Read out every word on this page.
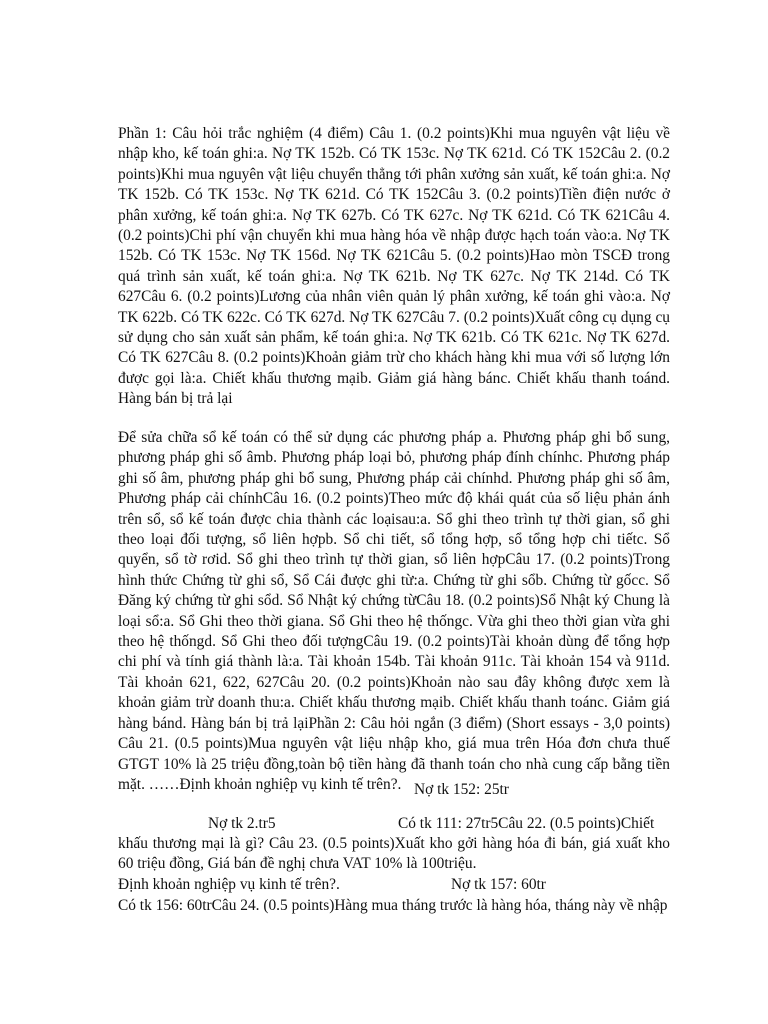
Phần 1: Câu hỏi trắc nghiệm (4 điểm) Câu 1. (0.2 points)Khi mua nguyên vật liệu về nhập kho, kế toán ghi:a. Nợ TK 152b. Có TK 153c. Nợ TK 621d. Có TK 152Câu 2. (0.2 points)Khi mua nguyên vật liệu chuyển thẳng tới phân xưởng sản xuất, kế toán ghi:a. Nợ TK 152b. Có TK 153c. Nợ TK 621d. Có TK 152Câu 3. (0.2 points)Tiền điện nước ở phân xưởng, kế toán ghi:a. Nợ TK 627b. Có TK 627c. Nợ TK 621d. Có TK 621Câu 4. (0.2 points)Chi phí vận chuyển khi mua hàng hóa về nhập được hạch toán vào:a. Nợ TK 152b. Có TK 153c. Nợ TK 156d. Nợ TK 621Câu 5. (0.2 points)Hao mòn TSCĐ trong quá trình sản xuất, kế toán ghi:a. Nợ TK 621b. Nợ TK 627c. Nợ TK 214d. Có TK 627Câu 6. (0.2 points)Lương của nhân viên quản lý phân xưởng, kế toán ghi vào:a. Nợ TK 622b. Có TK 622c. Có TK 627d. Nợ TK 627Câu 7. (0.2 points)Xuất công cụ dụng cụ sử dụng cho sản xuất sản phẩm, kế toán ghi:a. Nợ TK 621b. Có TK 621c. Nợ TK 627d. Có TK 627Câu 8. (0.2 points)Khoản giảm trừ cho khách hàng khi mua với số lượng lớn được gọi là:a. Chiết khấu thương mạib. Giảm giá hàng bánc. Chiết khấu thanh toánd. Hàng bán bị trả lại

Để sửa chữa sổ kế toán có thể sử dụng các phương pháp a. Phương pháp ghi bổ sung, phương pháp ghi số âmb. Phương pháp loại bỏ, phương pháp đính chínhc. Phương pháp ghi số âm, phương pháp ghi bổ sung, Phương pháp cải chínhd. Phương pháp ghi số âm, Phương pháp cải chínhCâu 16. (0.2 points)Theo mức độ khái quát của số liệu phản ánh trên sổ, sổ kế toán được chia thành các loạisau:a. Sổ ghi theo trình tự thời gian, sổ ghi theo loại đối tượng, sổ liên hợpb. Sổ chi tiết, sổ tổng hợp, sổ tổng hợp chi tiếtc. Sổ quyển, sổ tờ rơid. Sổ ghi theo trình tự thời gian, sổ liên hợpCâu 17. (0.2 points)Trong hình thức Chứng từ ghi sổ, Sổ Cái được ghi từ:a. Chứng từ ghi sổb. Chứng từ gốcc. Sổ Đăng ký chứng từ ghi sổd. Sổ Nhật ký chứng từCâu 18. (0.2 points)Sổ Nhật ký Chung là loại sổ:a. Sổ Ghi theo thời giana. Sổ Ghi theo hệ thốngc. Vừa ghi theo thời gian vừa ghi theo hệ thốngd. Sổ Ghi theo đối tượngCâu 19. (0.2 points)Tài khoản dùng để tổng hợp chi phí và tính giá thành là:a. Tài khoản 154b. Tài khoản 911c. Tài khoản 154 và 911d. Tài khoản 621, 622, 627Câu 20. (0.2 points)Khoản nào sau đây không được xem là khoản giảm trừ doanh thu:a. Chiết khấu thương mạib. Chiết khấu thanh toánc. Giảm giá hàng bánd. Hàng bán bị trả lạiPhần 2: Câu hỏi ngắn (3 điểm) (Short essays - 3,0 points) Câu 21. (0.5 points)Mua nguyên vật liệu nhập kho, giá mua trên Hóa đơn chưa thuế GTGT 10% là 25 triệu đồng,toàn bộ tiền hàng đã thanh toán cho nhà cung cấp bằng tiền mặt. ……Định khoản nghiệp vụ kinh tế trên?. Nợ tk 152: 25tr
Nợ tk 2.tr5	Có tk 111: 27tr5Câu 22. (0.5 points)Chiết

khấu thương mại là gì? Câu 23. (0.5 points)Xuất kho gởi hàng hóa đi bán, giá xuất kho 60 triệu đồng, Giá bán đề nghị chưa VAT 10% là 100triệu.

Định khoản nghiệp vụ kinh tế trên?.	Nợ tk 157: 60tr
Có tk 156: 60trCâu 24. (0.5 points)Hàng mua tháng trước là hàng hóa, tháng này về nhập
